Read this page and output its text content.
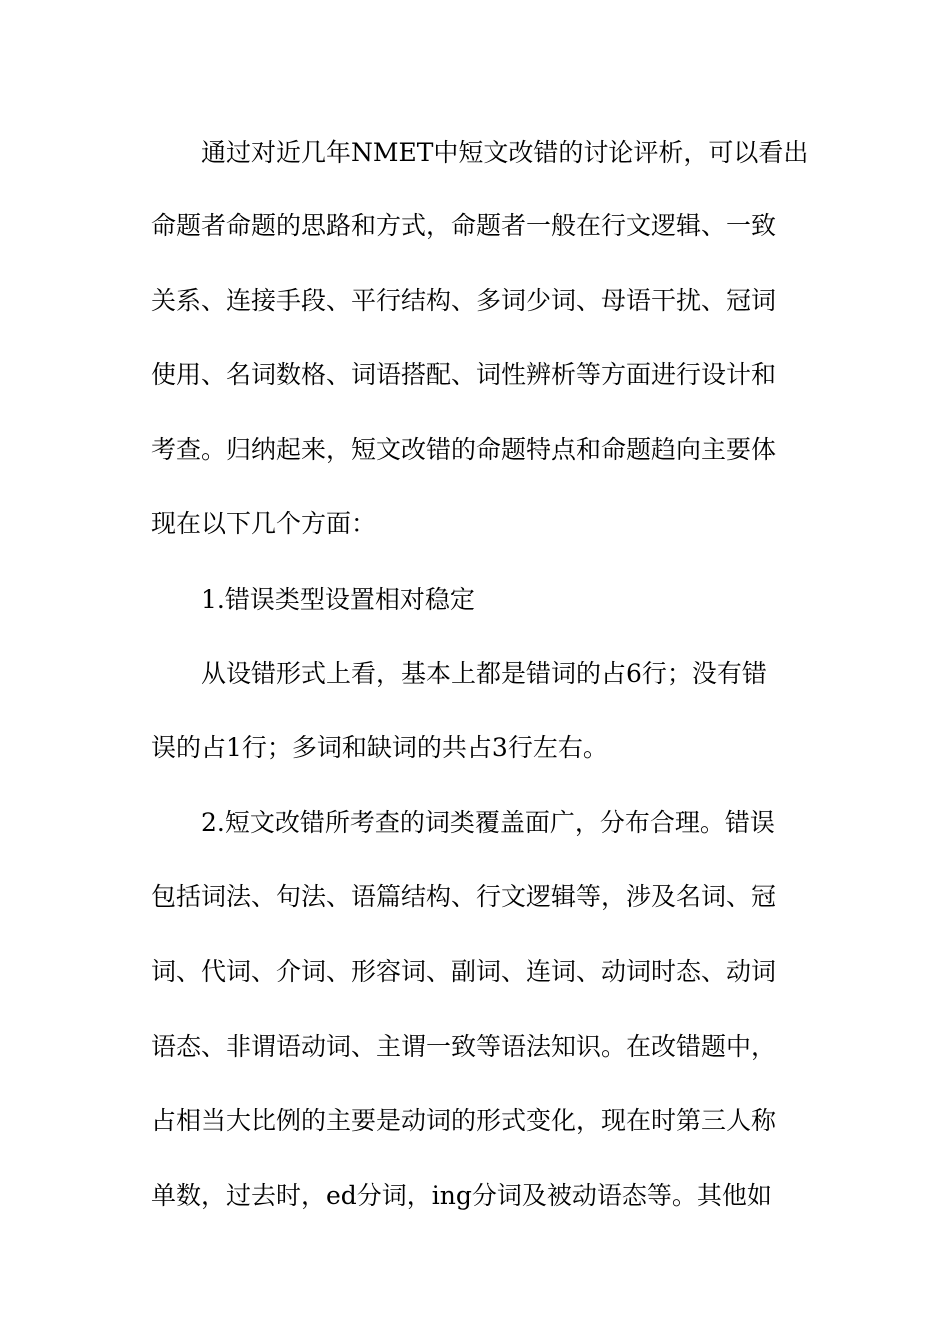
通过对近几年NMET中短文改错的讨论评析，可以看出
命题者命题的思路和方式，命题者一般在行文逻辑、一致
关系、连接手段、平行结构、多词少词、母语干扰、冠词
使用、名词数格、词语搭配、词性辨析等方面进行设计和
考查。归纳起来，短文改错的命题特点和命题趋向主要体
现在以下几个方面：
1.错误类型设置相对稳定
从设错形式上看，基本上都是错词的占6行；没有错
误的占1行；多词和缺词的共占3行左右。
2.短文改错所考查的词类覆盖面广，分布合理。错误
包括词法、句法、语篇结构、行文逻辑等，涉及名词、冠
词、代词、介词、形容词、副词、连词、动词时态、动词
语态、非谓语动词、主谓一致等语法知识。在改错题中，
占相当大比例的主要是动词的形式变化，现在时第三人称
单数，过去时，ed分词，ing分词及被动语态等。其他如
